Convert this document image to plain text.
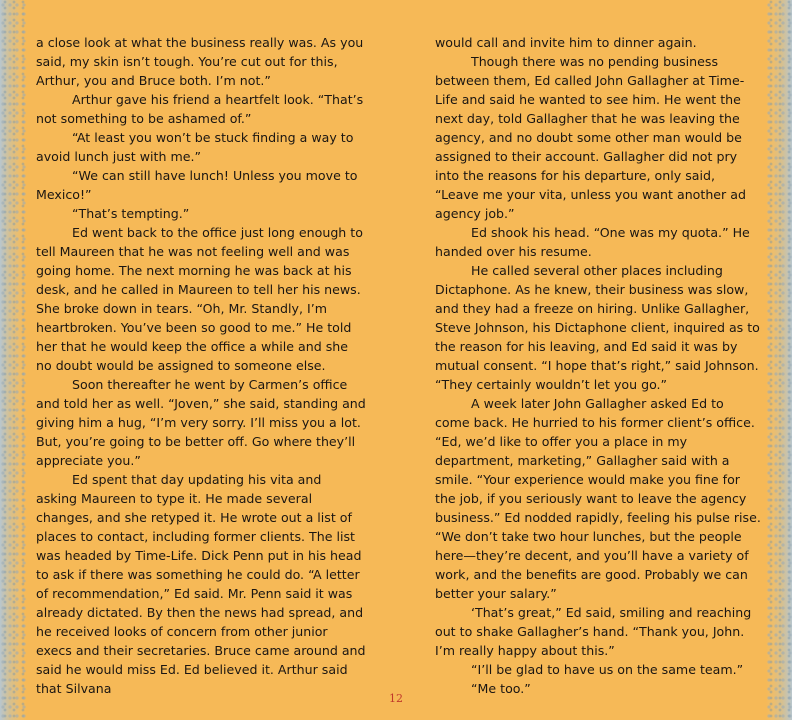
a close look at what the business really was. As you said, my skin isn’t tough. You’re cut out for this, Arthur, you and Bruce both. I’m not.”

Arthur gave his friend a heartfelt look. “That’s not something to be ashamed of.”

“At least you won’t be stuck finding a way to avoid lunch just with me.”

“We can still have lunch! Unless you move to Mexico!”

“That’s tempting.”

Ed went back to the office just long enough to tell Maureen that he was not feeling well and was going home. The next morning he was back at his desk, and he called in Maureen to tell her his news. She broke down in tears. “Oh, Mr. Standly, I’m heartbroken. You’ve been so good to me.” He told her that he would keep the office a while and she no doubt would be assigned to someone else.

Soon thereafter he went by Carmen’s office and told her as well. “Joven,” she said, standing and giving him a hug, “I’m very sorry. I’ll miss you a lot. But, you’re going to be better off. Go where they’ll appreciate you.”

Ed spent that day updating his vita and asking Maureen to type it. He made several changes, and she retyped it. He wrote out a list of places to contact, including former clients. The list was headed by Time-Life. Dick Penn put in his head to ask if there was something he could do. “A letter of recommendation,” Ed said. Mr. Penn said it was already dictated. By then the news had spread, and he received looks of concern from other junior execs and their secretaries. Bruce came around and said he would miss Ed. Ed believed it. Arthur said that Silvana

would call and invite him to dinner again.

Though there was no pending business between them, Ed called John Gallagher at Time-Life and said he wanted to see him. He went the next day, told Gallagher that he was leaving the agency, and no doubt some other man would be assigned to their account. Gallagher did not pry into the reasons for his departure, only said, “Leave me your vita, unless you want another ad agency job.”

Ed shook his head. “One was my quota.” He handed over his resume.

He called several other places including Dictaphone. As he knew, their business was slow, and they had a freeze on hiring. Unlike Gallagher, Steve Johnson, his Dictaphone client, inquired as to the reason for his leaving, and Ed said it was by mutual consent. “I hope that’s right,” said Johnson. “They certainly wouldn’t let you go.”

A week later John Gallagher asked Ed to come back. He hurried to his former client’s office. “Ed, we’d like to offer you a place in my department, marketing,” Gallagher said with a smile. “Your experience would make you fine for the job, if you seriously want to leave the agency business.” Ed nodded rapidly, feeling his pulse rise. “We don’t take two hour lunches, but the people here—they’re decent, and you’ll have a variety of work, and the benefits are good. Probably we can better your salary.”

‘That’s great,” Ed said, smiling and reaching out to shake Gallagher’s hand. “Thank you, John. I’m really happy about this.”

“I’ll be glad to have us on the same team.”

“Me too.”

12
